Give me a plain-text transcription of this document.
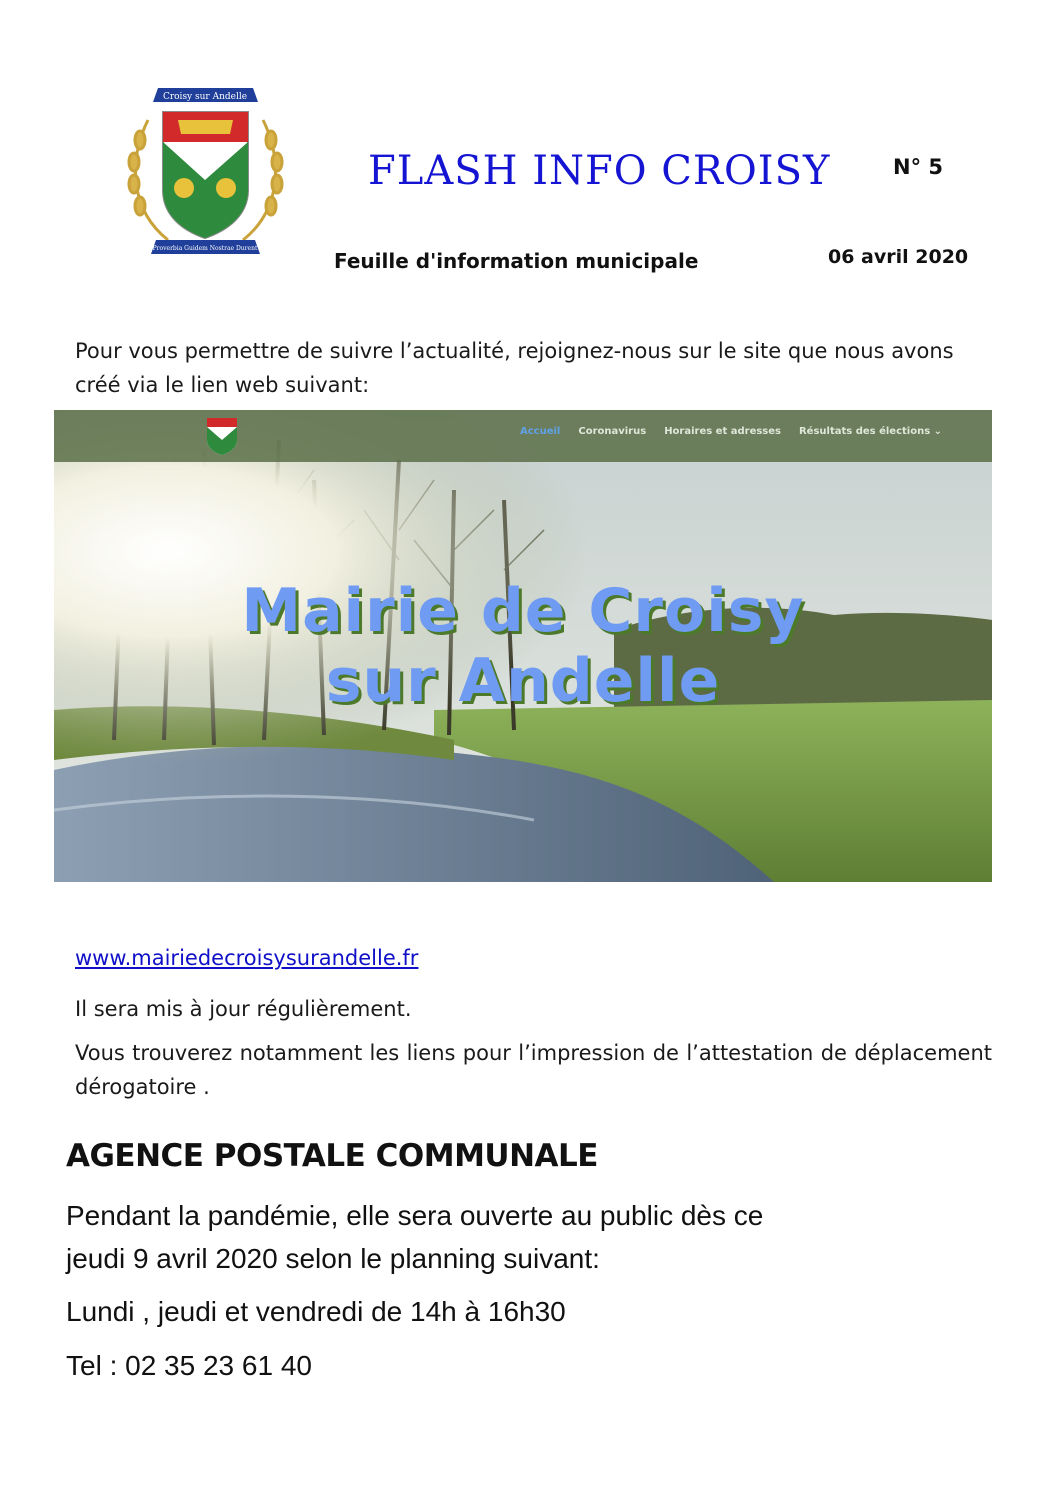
Croisy sur Andelle
Proverbia Guidem Nostrae Durent
FLASH INFO CROISY	N° 5
Feuille d'information municipale	06 avril 2020
Pour vous permettre de suivre l’actualité, rejoignez-nous sur le site que nous avons créé via le lien web suivant:
Accueil Coronavirus Horaires et adresses Résultats des élections ⌄
Mairie de Croisy
sur Andelle
www.mairiedecroisysurandelle.fr
Il sera mis à jour régulièrement.
Vous trouverez notamment les liens pour l’impression de l’attestation de déplacement dérogatoire .
AGENCE POSTALE COMMUNALE
Pendant la pandémie, elle sera ouverte au public dès ce
jeudi 9 avril 2020 selon le planning suivant:
Lundi , jeudi et vendredi de 14h à 16h30
Tel : 02 35 23 61 40
